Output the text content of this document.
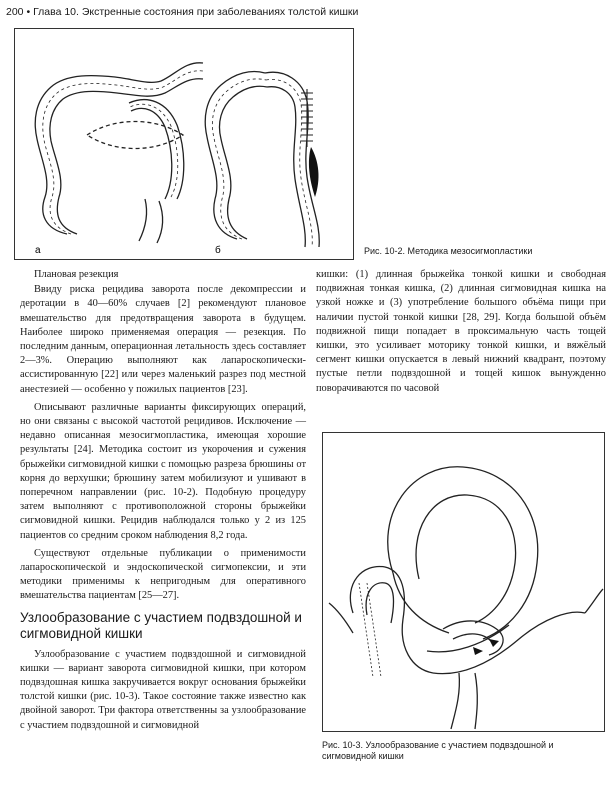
200 • Глава 10. Экстренные состояния при заболеваниях толстой кишки
а	б	Рис. 10-2. Методика мезосигмопластики
Плановая резекция

Ввиду риска рецидива заворота после декомпрессии и деротации в 40—60% случаев [2] рекомендуют плановое вмешательство для предотвращения заворота в будущем. Наиболее широко применяемая операция — резекция. По последним данным, операционная летальность здесь составляет 2—3%. Операцию выполняют как лапароскопически-ассистированную [22] или через маленький разрез под местной анестезией — особенно у пожилых пациентов [23].

Описывают различные варианты фиксирующих операций, но они связаны с высокой частотой рецидивов. Исключение — недавно описанная мезосигмопластика, имеющая хорошие результаты [24]. Методика состоит из укорочения и сужения брыжейки сигмовидной кишки с помощью разреза брюшины от корня до верхушки; брюшину затем мобилизуют и ушивают в поперечном направлении (рис. 10-2). Подобную процедуру затем выполняют с противоположной стороны брыжейки сигмовидной кишки. Рецидив наблюдался только у 2 из 125 пациентов со средним сроком наблюдения 8,2 года.

Существуют отдельные публикации о применимости лапароскопической и эндоскопической сигмопексии, и эти методики применимы к непригодным для оперативного вмешательства пациентам [25—27].

Узлообразование с участием подвздошной и сигмовидной кишки

Узлообразование с участием подвздошной и сигмовидной кишки — вариант заворота сигмовидной кишки, при котором подвздошная кишка закручивается вокруг основания брыжейки толстой кишки (рис. 10-3). Такое состояние также известно как двойной заворот. Три фактора ответственны за узлообразование с участием подвздошной и сигмовидной

кишки: (1) длинная брыжейка тонкой кишки и свободная подвижная тонкая кишка, (2) длинная сигмовидная кишка на узкой ножке и (3) употребление большого объёма пищи при наличии пустой тонкой кишки [28, 29]. Когда большой объём подвижной пищи попадает в проксимальную часть тощей кишки, это усиливает моторику тонкой кишки, и вяжёлый сегмент кишки опускается в левый нижний квадрант, поэтому пустые петли подвздошной и тощей кишок вынужденно поворачиваются по часовой

Рис. 10-3. Узлообразование с участием подвздошной и сигмовидной кишки
